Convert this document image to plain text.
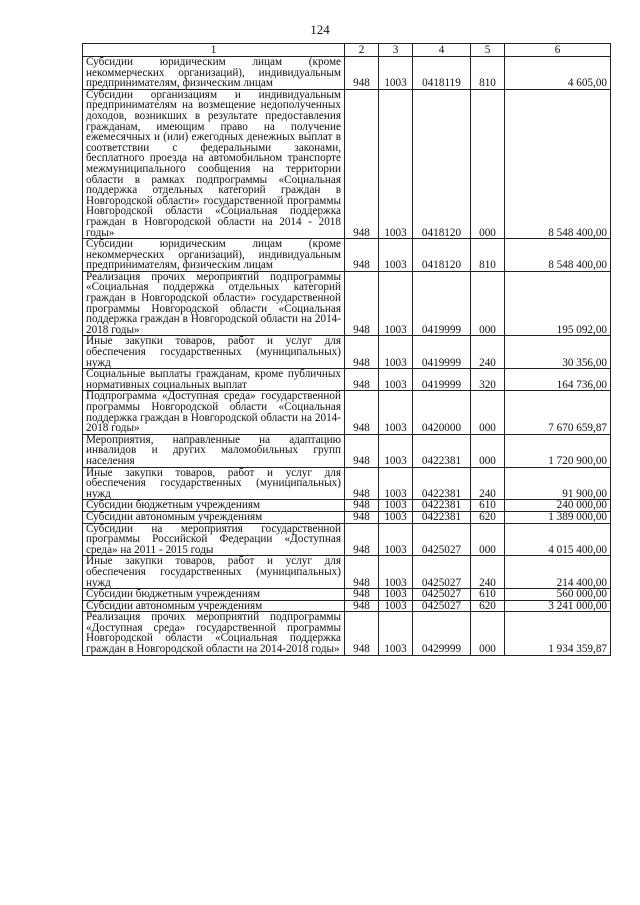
124
1	2	3	4	5	6
Субсидии юридическим лицам (кроме некоммерческих организаций), индивидуальным предпринимателям, физическим лицам	948	1003	0418119	810	4 605,00
Субсидии организациям и индивидуальным предпринимателям на возмещение недополученных доходов, возникших в результате предоставления гражданам, имеющим право на получение ежемесячных и (или) ежегодных денежных выплат в соответствии с федеральными законами, бесплатного проезда на автомобильном транспорте межмуниципального сообщения на территории области в рамках подпрограммы «Социальная поддержка отдельных категорий граждан в Новгородской области» государственной программы Новгородской области «Социальная поддержка граждан в Новгородской области на 2014 - 2018 годы»	948	1003	0418120	000	8 548 400,00
Субсидии юридическим лицам (кроме некоммерческих организаций), индивидуальным предпринимателям, физическим лицам	948	1003	0418120	810	8 548 400,00
Реализация прочих мероприятий подпрограммы «Социальная поддержка отдельных категорий граждан в Новгородской области» государственной программы Новгородской области «Социальная поддержка граждан в Новгородской области на 2014-2018 годы»	948	1003	0419999	000	195 092,00
Иные закупки товаров, работ и услуг для обеспечения государственных (муниципальных) нужд	948	1003	0419999	240	30 356,00
Социальные выплаты гражданам, кроме публичных нормативных социальных выплат	948	1003	0419999	320	164 736,00
Подпрограмма «Доступная среда» государственной программы Новгородской области «Социальная поддержка граждан в Новгородской области на 2014-2018 годы»	948	1003	0420000	000	7 670 659,87
Мероприятия, направленные на адаптацию инвалидов и других маломобильных групп населения	948	1003	0422381	000	1 720 900,00
Иные закупки товаров, работ и услуг для обеспечения государственных (муниципальных) нужд	948	1003	0422381	240	91 900,00
Субсидии бюджетным учреждениям	948	1003	0422381	610	240 000,00
Субсидии автономным учреждениям	948	1003	0422381	620	1 389 000,00
Субсидии на мероприятия государственной программы Российской Федерации «Доступная среда» на 2011 - 2015 годы	948	1003	0425027	000	4 015 400,00
Иные закупки товаров, работ и услуг для обеспечения государственных (муниципальных) нужд	948	1003	0425027	240	214 400,00
Субсидии бюджетным учреждениям	948	1003	0425027	610	560 000,00
Субсидии автономным учреждениям	948	1003	0425027	620	3 241 000,00
Реализация прочих мероприятий подпрограммы «Доступная среда» государственной программы Новгородской области «Социальная поддержка граждан в Новгородской области на 2014-2018 годы»	948	1003	0429999	000	1 934 359,87
